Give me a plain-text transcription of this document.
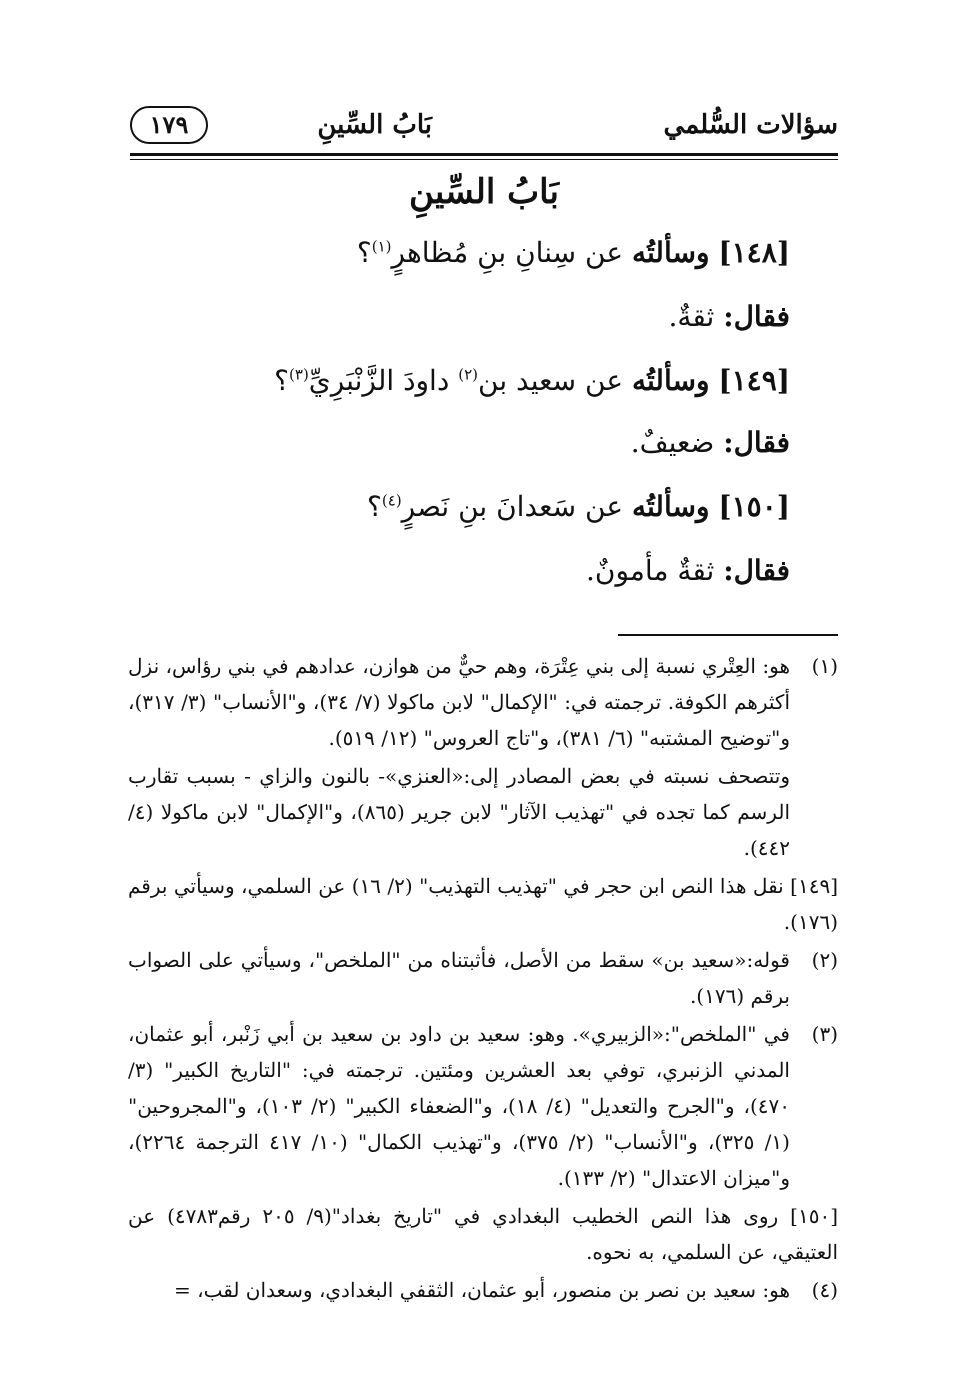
سؤالات السُّلمي
بَابُ السِّينِ
١٧٩
بَابُ السِّينِ
[١٤٨] وسألتُه عن سِنانِ بنِ مُظاهرٍ$^{(١)}$؟
فقال: ثقةٌ.
[١٤٩] وسألتُه عن سعيد بن$^{(٢)}$ داودَ الزَّنْبَرِيِّ$^{(٣)}$؟
فقال: ضعيفٌ.
[١٥٠] وسألتُه عن سَعدانَ بنِ نَصرٍ$^{(٤)}$؟
فقال: ثقةٌ مأمونٌ.
(١)
هو: العِتْري نسبة إلى بني عِتْرَة، وهم حيٌّ من هوازن، عدادهم في بني رؤاس، نزل أكثرهم الكوفة. ترجمته في: "الإكمال" لابن ماكولا (٧/ ٣٤)، و"الأنساب" (٣/ ٣١٧)، و"توضيح المشتبه" (٦/ ٣٨١)، و"تاج العروس" (١٢/ ٥١٩).
وتتصحف نسبته في بعض المصادر إلى:«العنزي»- بالنون والزاي - بسبب تقارب الرسم كما تجده في "تهذيب الآثار" لابن جرير (٨٦٥)، و"الإكمال" لابن ماكولا (٤/ ٤٤٢).
[١٤٩] نقل هذا النص ابن حجر في "تهذيب التهذيب" (٢/ ١٦) عن السلمي، وسيأتي برقم (١٧٦).
(٢)
قوله:«سعيد بن» سقط من الأصل، فأثبتناه من "الملخص"، وسيأتي على الصواب برقم (١٧٦).
(٣)
في "الملخص":«الزبيري». وهو: سعيد بن داود بن سعيد بن أبي زَنْبر، أبو عثمان، المدني الزنبري، توفي بعد العشرين ومئتين. ترجمته في: "التاريخ الكبير" (٣/ ٤٧٠)، و"الجرح والتعديل" (٤/ ١٨)، و"الضعفاء الكبير" (٢/ ١٠٣)، و"المجروحين" (١/ ٣٢٥)، و"الأنساب" (٢/ ٣٧٥)، و"تهذيب الكمال" (١٠/ ٤١٧ الترجمة ٢٢٦٤)، و"ميزان الاعتدال" (٢/ ١٣٣).
[١٥٠] روى هذا النص الخطيب البغدادي في "تاريخ بغداد"(٩/ ٢٠٥ رقم٤٧٨٣) عن العتيقي، عن السلمي، به نحوه.
(٤)
هو: سعيد بن نصر بن منصور، أبو عثمان، الثقفي البغدادي، وسعدان لقب، =
